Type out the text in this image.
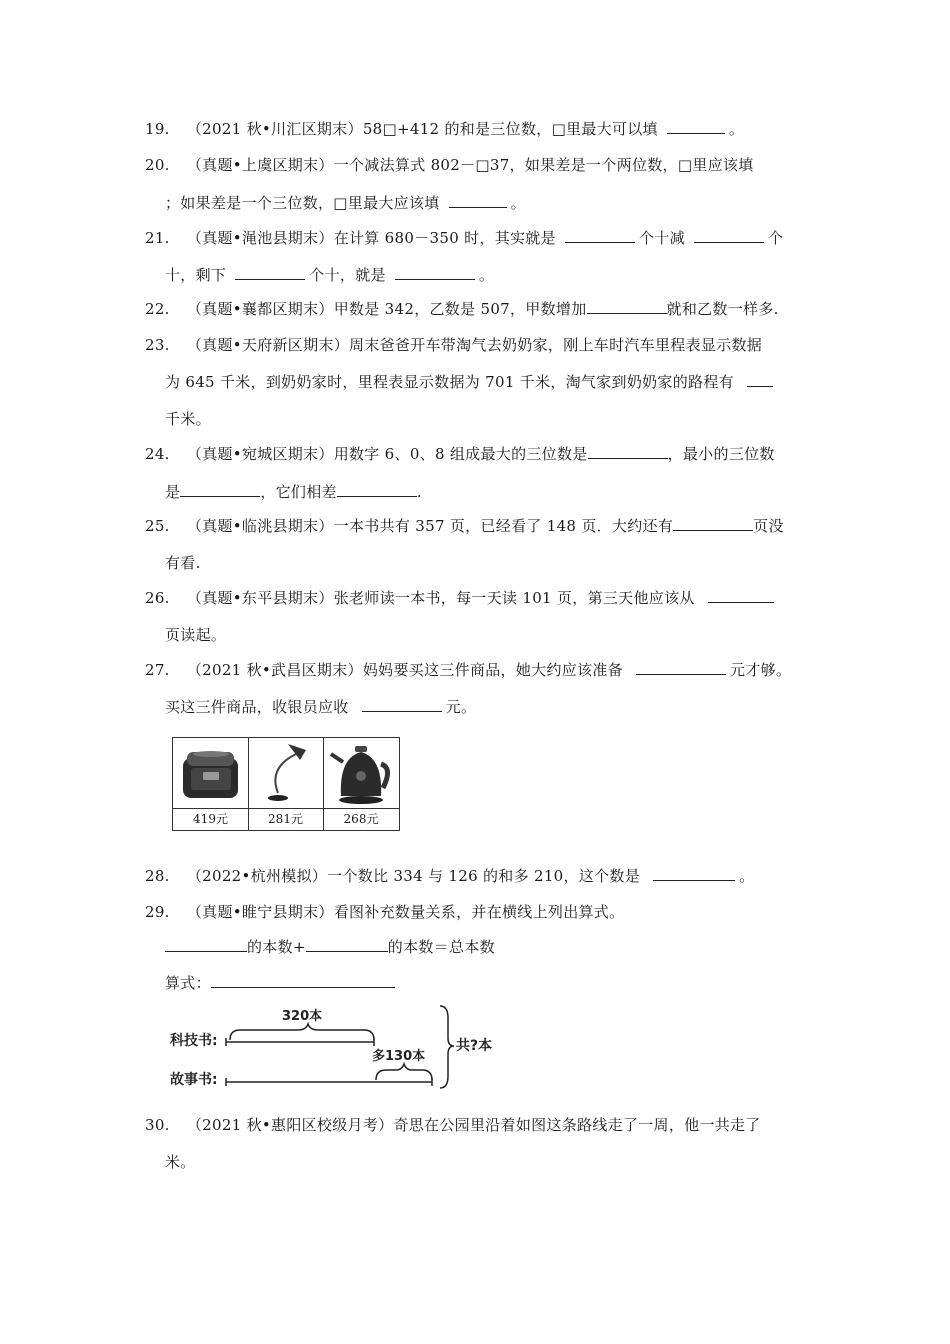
19. （2021 秋•川汇区期末）58□+412 的和是三位数，□里最大可以填	。
20. （真题•上虞区期末）一个减法算式 802－□37，如果差是一个两位数，□里应该填
；如果差是一个三位数，□里最大应该填	。
21. （真题•渑池县期末）在计算 680－350 时，其实就是	个十减	个
十，剩下	个十，就是	。
22. （真题•襄都区期末）甲数是 342，乙数是 507，甲数增加	就和乙数一样多.
23. （真题•天府新区期末）周末爸爸开车带淘气去奶奶家，刚上车时汽车里程表显示数据
为 645 千米，到奶奶家时，里程表显示数据为 701 千米，淘气家到奶奶家的路程有
千米。
24. （真题•宛城区期末）用数字 6、0、8 组成最大的三位数是	，最小的三位数
是	，它们相差	.
25. （真题•临洮县期末）一本书共有 357 页，已经看了 148 页．大约还有	页没
有看.
26. （真题•东平县期末）张老师读一本书，每一天读 101 页，第三天他应该从
页读起。
27. （2021 秋•武昌区期末）妈妈要买这三件商品，她大约应该准备	元才够。
买这三件商品，收银员应收	元。
419元	281元	268元
28. （2022•杭州模拟）一个数比 334 与 126 的和多 210，这个数是	。
29. （真题•睢宁县期末）看图补充数量关系，并在横线上列出算式。
的本数+	的本数＝总本数
算式：
科技书:
故事书:
320本
多130本
共?本
30. （2021 秋•惠阳区校级月考）奇思在公园里沿着如图这条路线走了一周，他一共走了
米。
